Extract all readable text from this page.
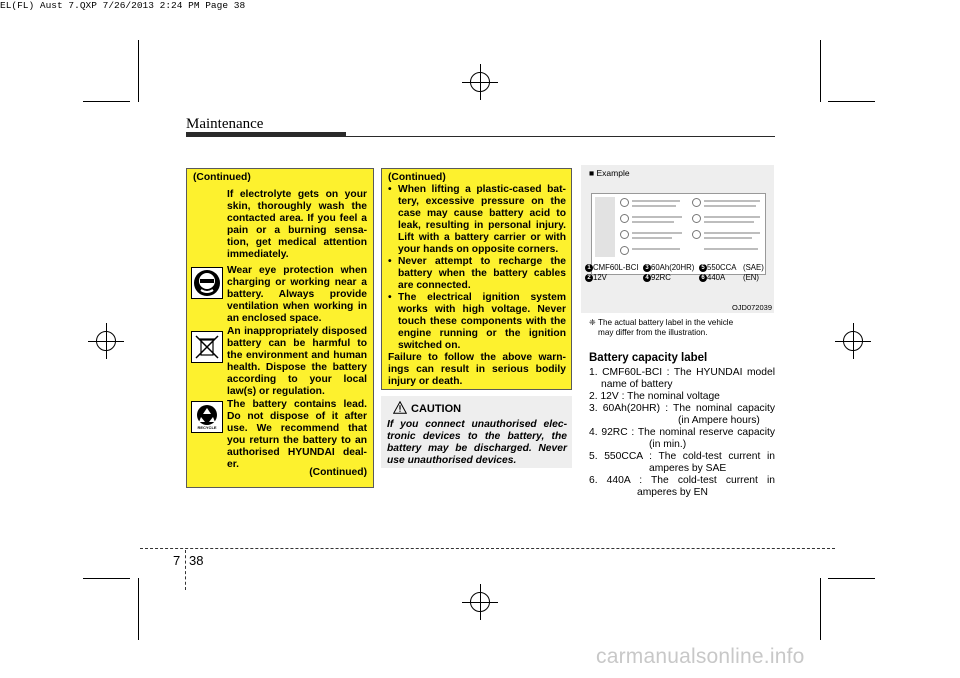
EL(FL) Aust 7.QXP 7/26/2013 2:24 PM Page 38
Maintenance
(Continued)
If electrolyte gets on your
skin, thoroughly wash the
contacted area. If you feel a
pain or a burning sensa-
tion, get medical attention
immediately.
Wear eye protection when
charging or working near a
battery. Always provide
ventilation when working in
an enclosed space.
An inappropriately disposed
battery can be harmful to
the environment and human
health. Dispose the battery
according to your local
law(s) or regulation.
RECYCLE
The battery contains lead.
Do not dispose of it after
use. We recommend that
you return the battery to an
authorised HYUNDAI deal-
er.
(Continued)
(Continued)
• When lifting a plastic-cased bat-
tery, excessive pressure on the
case may cause battery acid to
leak, resulting in personal injury.
Lift with a battery carrier or with
your hands on opposite corners.
• Never attempt to recharge the
battery when the battery cables
are connected.
• The electrical ignition system
works with high voltage. Never
touch these components with the
engine running or the ignition
switched on.
Failure to follow the above warn-
ings can result in serious bodily
injury or death.
CAUTION
If you connect unauthorised elec-
tronic devices to the battery, the
battery may be discharged. Never
use unauthorised devices.
■ Example
1 CMF60L-BCI	3 60Ah(20HR)	5 550CCA (SAE)
2 12V	4 92RC	6 440A (EN)
OJD072039
❈ The actual battery label in the vehicle
may differ from the illustration.
Battery capacity label
1. CMF60L-BCI : The HYUNDAI model
name of battery
2. 12V : The nominal voltage
3. 60Ah(20HR) : The nominal capacity
(in Ampere hours)
4. 92RC : The nominal reserve capacity
(in min.)
5. 550CCA : The cold-test current in
amperes by SAE
6. 440A : The cold-test current in
amperes by EN
7 38
carmanualsonline.info
